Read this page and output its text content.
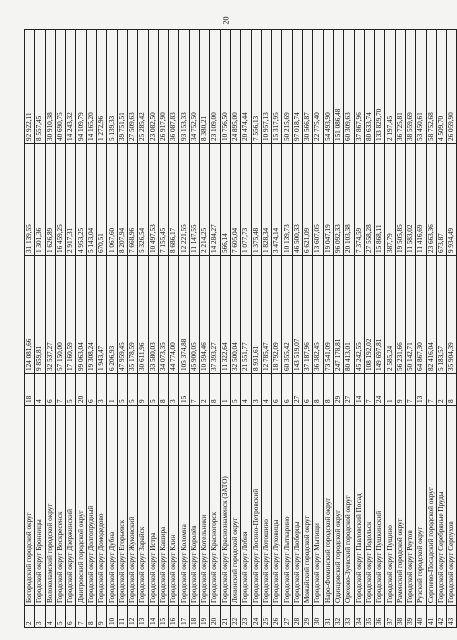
20
2	Богородский городской округ	18	124 081,66	31 139,55	92 922,11
3	Городской округ Бронницы	4	9 859,81	1 301,36	8 557,45
4	Волоколамский городской округ	6	32 537,27	1 626,89	30 910,38
5	Городской округ Воскресенск	7	57 150,00	16 459,25	40 690,75
6	Городской округ Дзержинский	5	17 160,59	2 917,31	14 243,32
7	Дмитровский городской округ	20	99 063,04	4 953,25	94 109,79
8	Городской округ Долгопрудный	6	19 308,24	5 143,04	14 165,20
9	Городской округ Домодедово	3	1 943,47	670,51	1 272,96
10	Городской округ Дубна	1	6 206,93	1 067,60	5 139,33
11	Городской округ Егорьевск	5	47 959,45	8 207,94	39 751,51
12	Городской округ Жуковский	5	35 178,59	7 668,96	27 509,63
13	Городской округ Зарайск	9	30 611,96	5 326,54	25 285,42
14	Городской округ Истра	5	33 580,03	10 497,53	23 082,50
15	Городской округ Кашира	8	34 073,35	7 155,45	26 917,90
16	Городской округ Клин	3	44 774,00	8 686,17	36 087,83
17	Городской округ Коломна	15	105 374,88	12 221,55	93 153,33
18	Городской округ Королёв	7	45 900,05	11 147,55	34 752,50
19	Городской округ Котельники	2	10 594,46	2 214,25	8 380,21
20	Городской округ Красногорск	8	37 393,27	14 284,27	23 109,00
21	Городской округ Краснознаменск (ЗАТО)	1	11 322,64	566,14	10 756,50
22	Ленинский городской округ	5	32 500,04	7 605,04	24 895,00
23	Городской округ Лобня	4	21 551,77	1 077,73	20 474,44
24	Городской округ Лосино-Петровский	3	8 931,61	1 375,48	7 556,13
25	Городской округ Лотошино	4	12 785,47	1 828,34	10 957,13
26	Городской округ Луховицы	6	18 792,09	3 474,14	15 317,95
27	Городской округ Лыткарино	6	60 355,42	10 139,73	50 215,69
28	Городской округ Люберцы	27	143 519,07	46 500,33	97 018,74
29	Можайский городской округ	6	37 187,96	6 621,09	30 566,87
30	Городской округ Мытищи	8	36 382,45	13 607,05	22 775,40
31	Наро-Фоминский городской округ	8	73 541,09	19 047,19	54 493,90
32	Одинцовский городской округ	29	247 178,81	96 092,33	151 086,48
33	Орехово-Зуевский городской округ	27	80 413,01	20 103,38	60 309,63
34	Городской округ Павловский Посад	14	45 242,55	7 374,59	37 867,96
35	Городской округ Подольск	7	108 192,02	27 558,28	80 633,74
36	Городской округ Пушкинский	24	149 697,81	15 868,11	133 829,70
37	Городской округ Пущино	1	2 585,24	387,79	2 197,45
38	Раменский городской округ	9	56 231,66	19 505,85	36 725,81
39	Городской округ Реутов	7	50 142,71	11 583,02	38 559,69
40	Рузский городской округ	13	64 867,30	11 416,69	53 450,61
41	Сергиево-Посадский городской округ	7	82 416,04	23 663,36	58 752,68
42	Городской округ Серебряные Пруды	2	5 183,57	673,87	4 509,70
43	Городской округ Серпухов	8	35 904,39	9 934,49	26 059,90
